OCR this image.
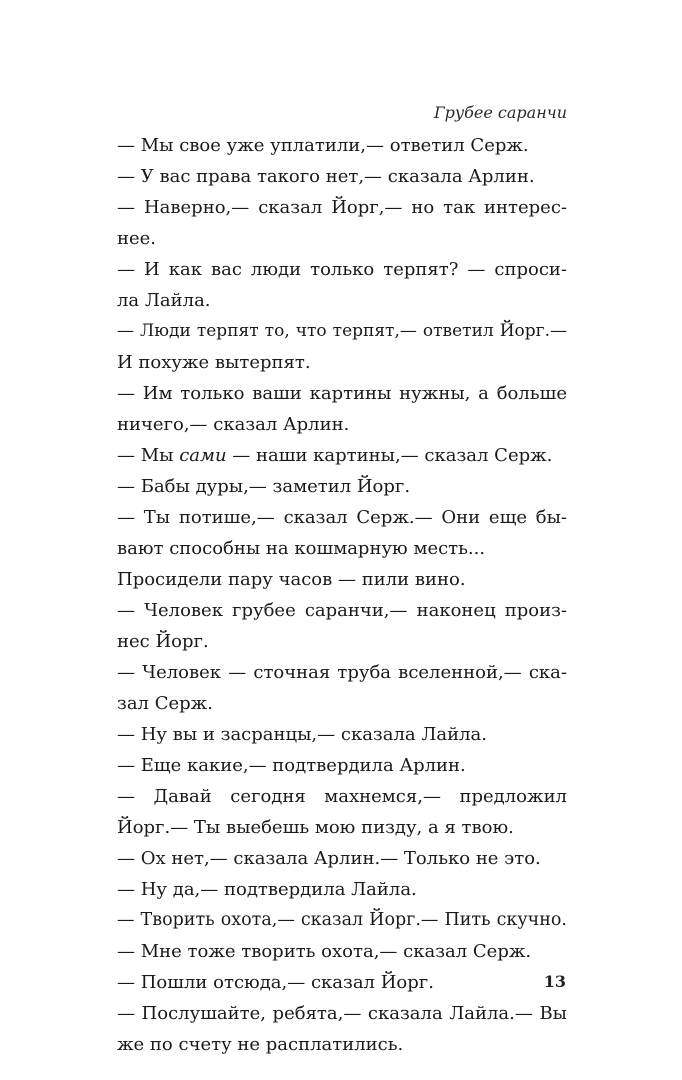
Грубее саранчи
— Мы свое уже уплатили,— ответил Серж.
— У вас права такого нет,— сказала Арлин.
— Наверно,— сказал Йорг,— но так интерес-
нее.
— И как вас люди только терпят? — спроси-
ла Лайла.
— Люди терпят то, что терпят,— ответил Йорг.—
И похуже вытерпят.
— Им только ваши картины нужны, а больше
ничего,— сказал Арлин.
— Мы сами — наши картины,— сказал Серж.
— Бабы дуры,— заметил Йорг.
— Ты потише,— сказал Серж.— Они еще бы-
вают способны на кошмарную месть...
Просидели пару часов — пили вино.
— Человек грубее саранчи,— наконец произ-
нес Йорг.
— Человек — сточная труба вселенной,— ска-
зал Серж.
— Ну вы и засранцы,— сказала Лайла.
— Еще какие,— подтвердила Арлин.
— Давай сегодня махнемся,— предложил
Йорг.— Ты выебешь мою пизду, а я твою.
— Ох нет,— сказала Арлин.— Только не это.
— Ну да,— подтвердила Лайла.
— Творить охота,— сказал Йорг.— Пить скучно.
— Мне тоже творить охота,— сказал Серж.
— Пошли отсюда,— сказал Йорг.
— Послушайте, ребята,— сказала Лайла.— Вы
же по счету не расплатились.
13
